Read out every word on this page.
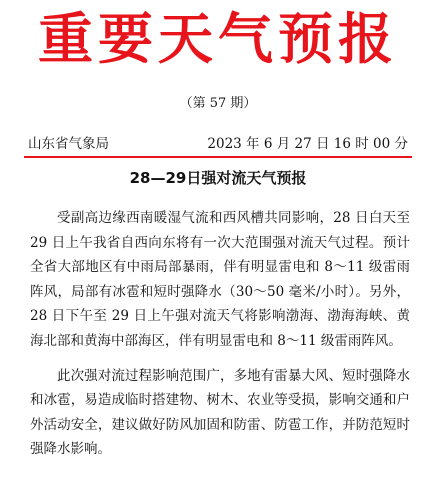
重要天气预报
（第 57 期）
山东省气象局	2023 年 6 月 27 日 16 时 00 分
28—29日强对流天气预报

受副高边缘西南暖湿气流和西风槽共同影响，28 日白天至 29 日上午我省自西向东将有一次大范围强对流天气过程。预计全省大部地区有中雨局部暴雨，伴有明显雷电和 8～11 级雷雨阵风，局部有冰雹和短时强降水（30～50 毫米/小时）。另外，28 日下午至 29 日上午强对流天气将影响渤海、渤海海峡、黄海北部和黄海中部海区，伴有明显雷电和 8～11 级雷雨阵风。

此次强对流过程影响范围广，多地有雷暴大风、短时强降水和冰雹，易造成临时搭建物、树木、农业等受损，影响交通和户外活动安全，建议做好防风加固和防雷、防雹工作，并防范短时强降水影响。
